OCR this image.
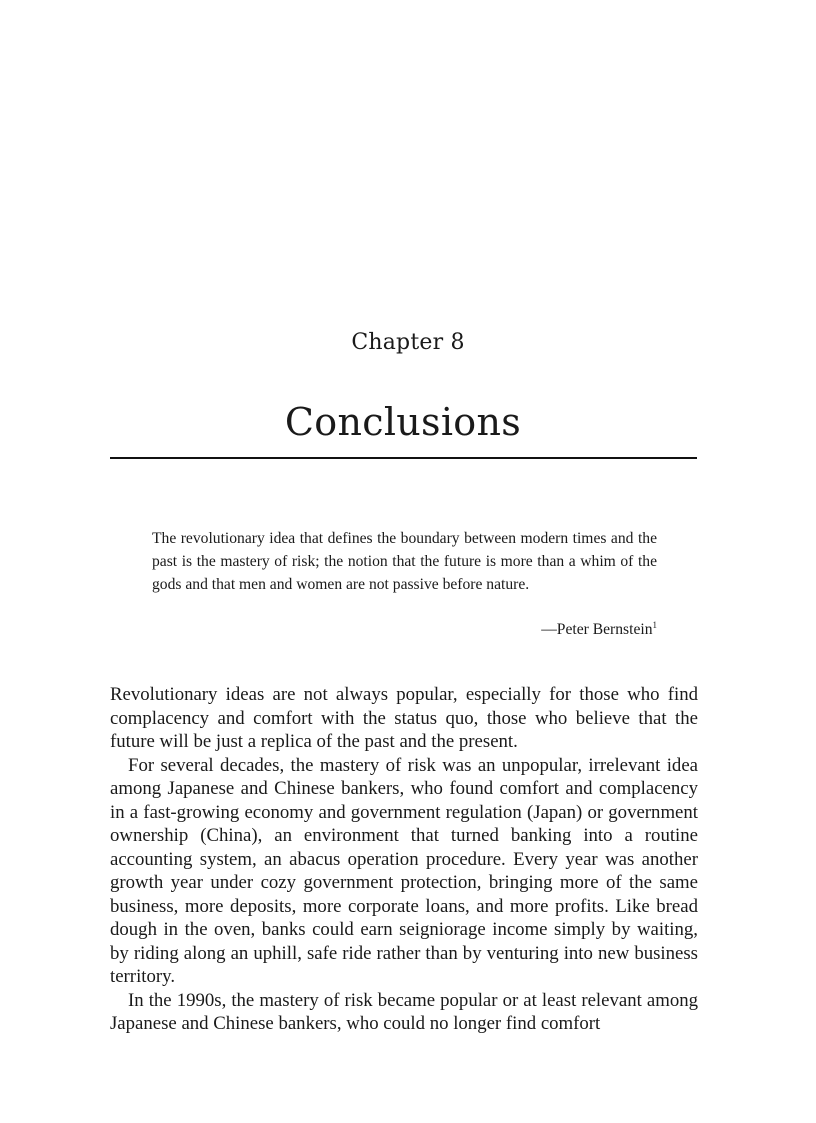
Chapter 8
Conclusions
The revolutionary idea that defines the boundary between modern times and the past is the mastery of risk; the notion that the future is more than a whim of the gods and that men and women are not passive before nature.
—Peter Bernstein$^1$

Revolutionary ideas are not always popular, especially for those who find complacency and comfort with the status quo, those who believe that the future will be just a replica of the past and the present.

For several decades, the mastery of risk was an unpopular, irrelevant idea among Japanese and Chinese bankers, who found comfort and complacency in a fast-growing economy and government regulation (Japan) or government ownership (China), an environment that turned banking into a routine accounting system, an abacus operation procedure. Every year was another growth year under cozy government protection, bringing more of the same business, more deposits, more corporate loans, and more profits. Like bread dough in the oven, banks could earn seigniorage income simply by waiting, by riding along an uphill, safe ride rather than by venturing into new business territory.

In the 1990s, the mastery of risk became popular or at least relevant among Japanese and Chinese bankers, who could no longer find comfort
